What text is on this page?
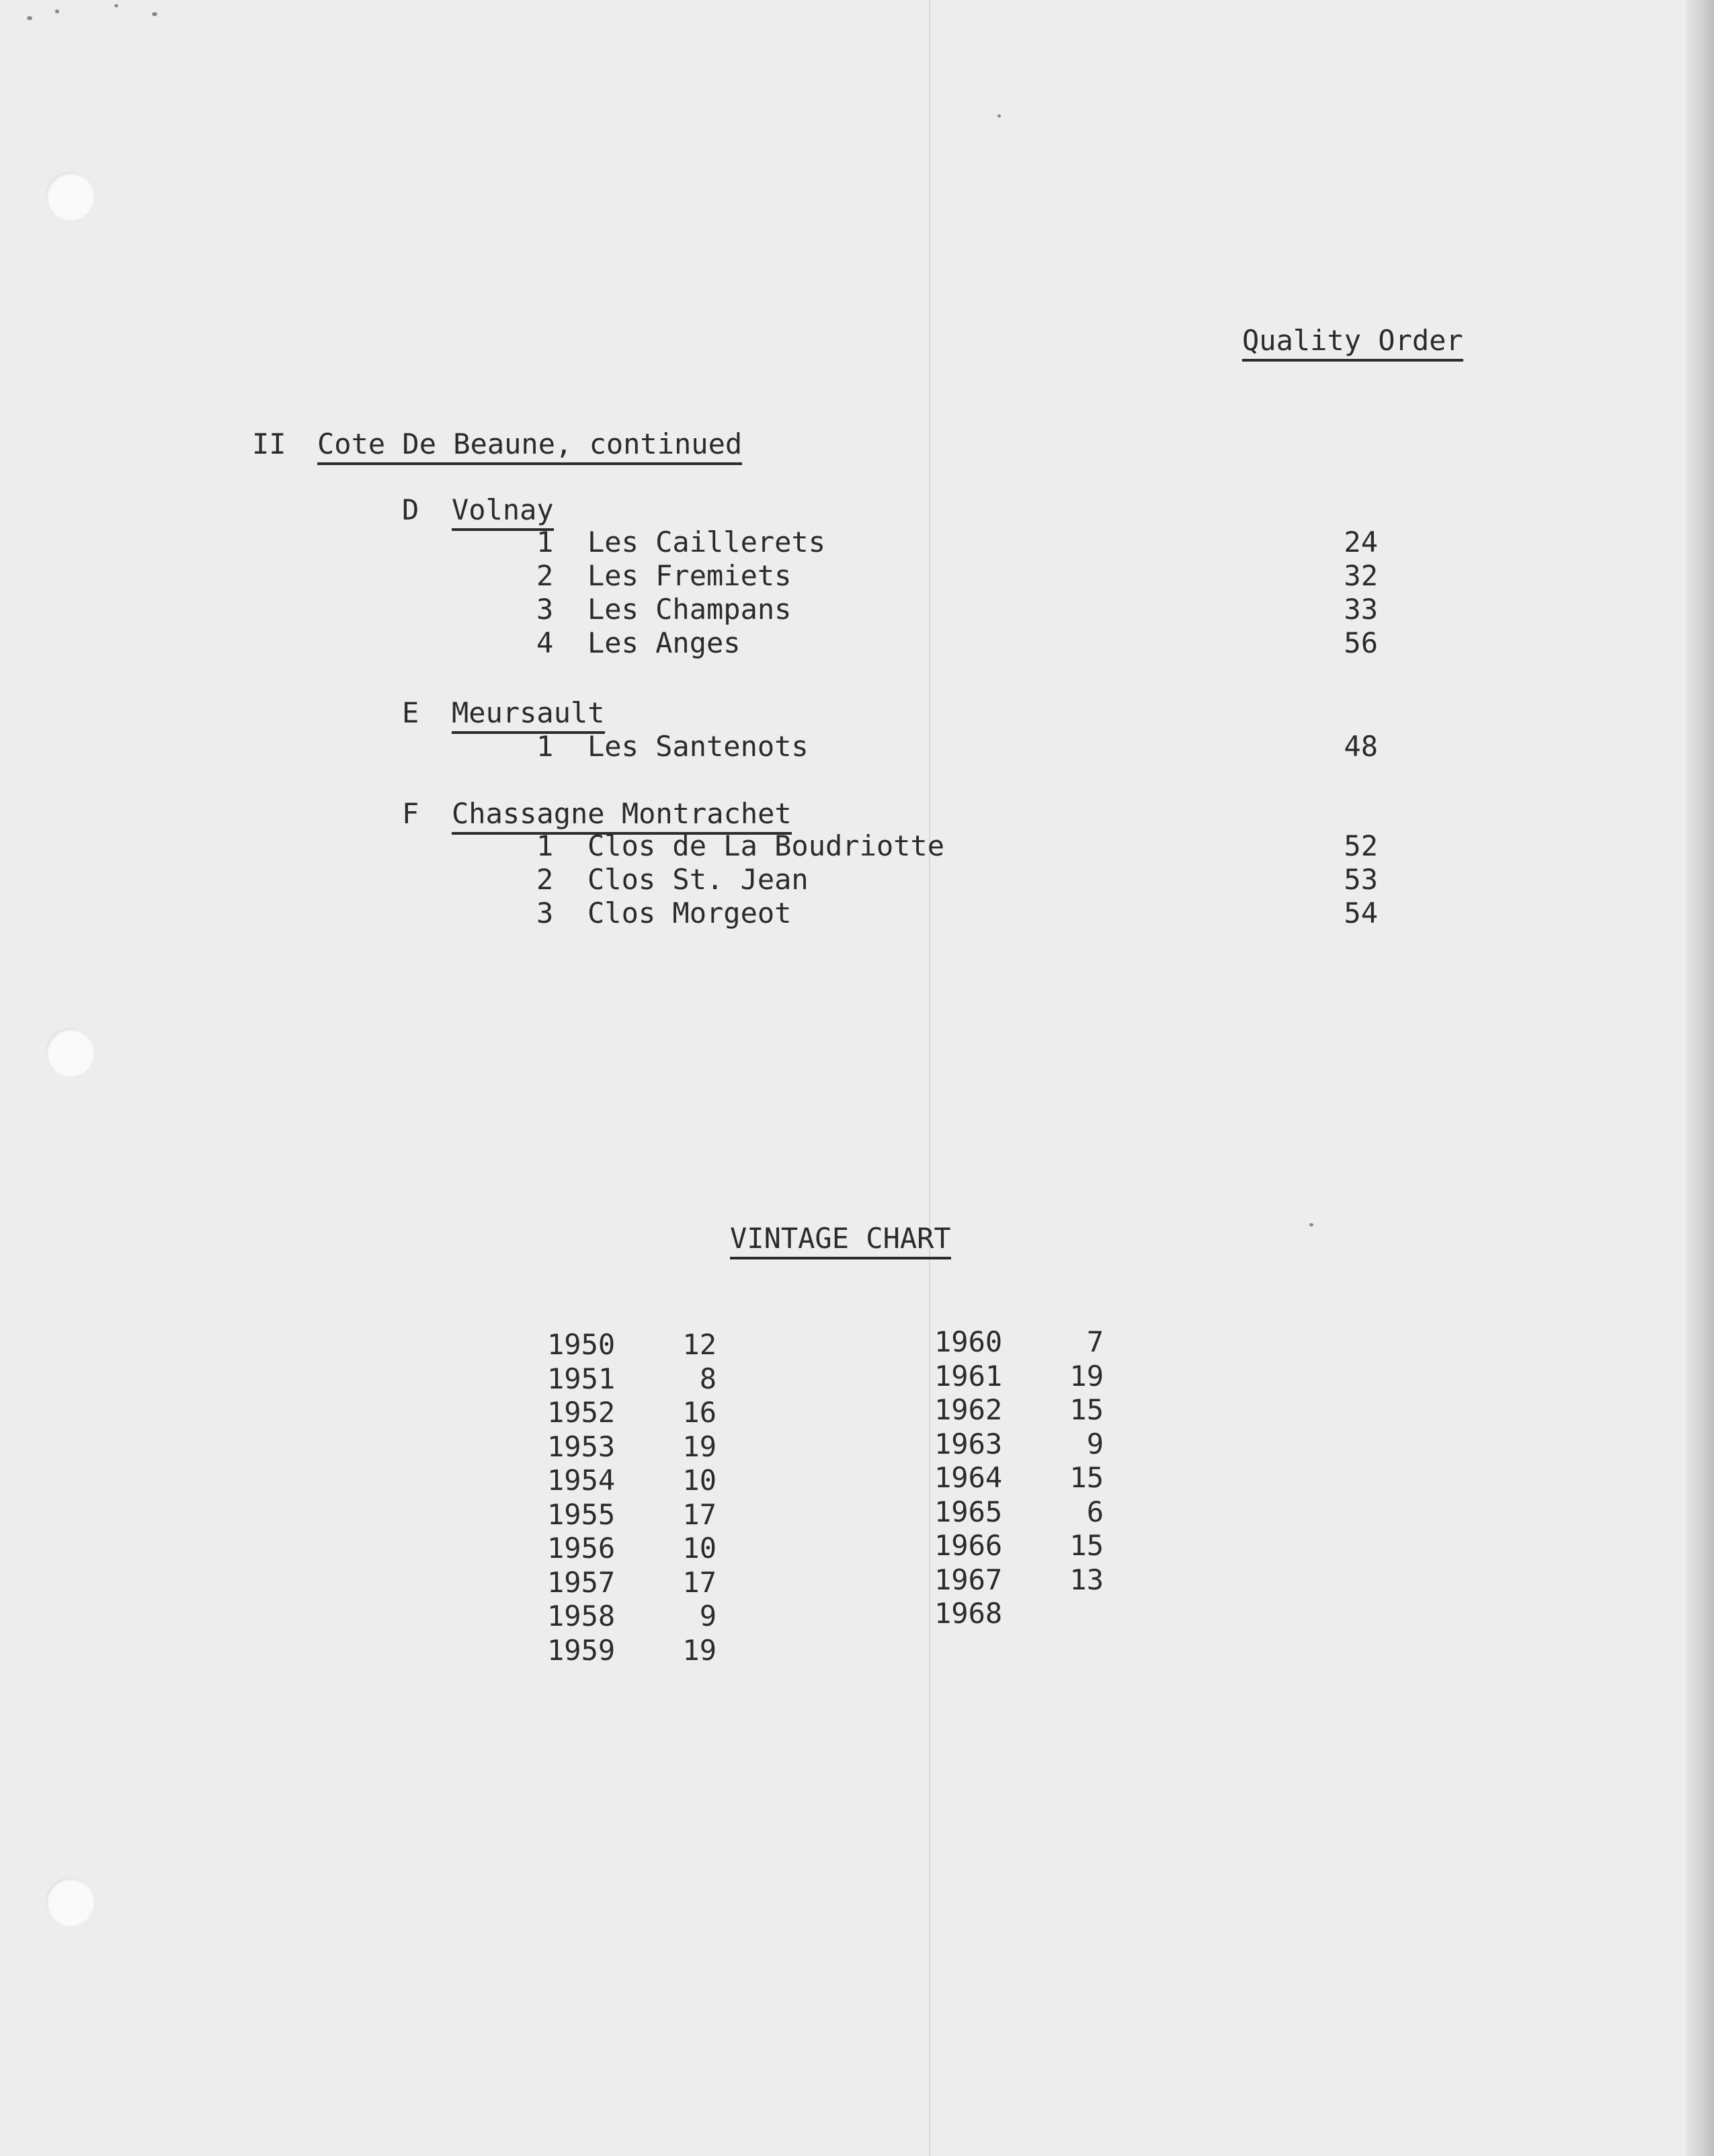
Quality Order
II Cote De Beaune, continued
D Volnay
1 Les Caillerets	24
2 Les Fremiets	32
3 Les Champans	33
4 Les Anges	56
E Meursault
1 Les Santenots	48
F Chassagne Montrachet
1 Clos de La Boudriotte	52
2 Clos St. Jean	53
3 Clos Morgeot	54
VINTAGE CHART
1950	12
1951	8
1952	16
1953	19
1954	10
1955	17
1956	10
1957	17
1958	9
1959	19
1960	7
1961	19
1962	15
1963	9
1964	15
1965	6
1966	15
1967	13
1968
